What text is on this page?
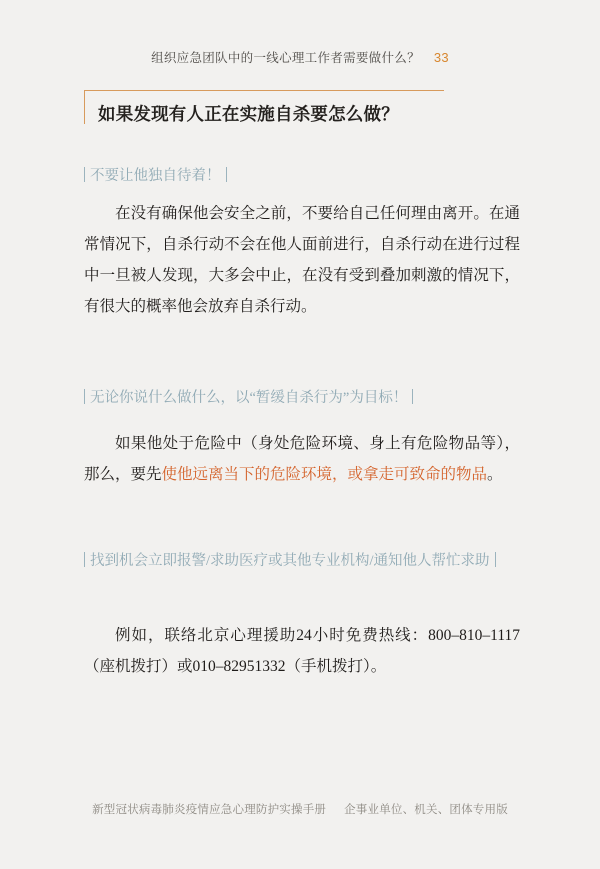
组织应急团队中的一线心理工作者需要做什么？ 33
如果发现有人正在实施自杀要怎么做？
不要让他独自待着！
在没有确保他会安全之前，不要给自己任何理由离开。在通常情况下，自杀行动不会在他人面前进行，自杀行动在进行过程中一旦被人发现，大多会中止，在没有受到叠加刺激的情况下，有很大的概率他会放弃自杀行动。
无论你说什么做什么，以“暂缓自杀行为”为目标！
如果他处于危险中（身处危险环境、身上有危险物品等），那么，要先使他远离当下的危险环境，或拿走可致命的物品。
找到机会立即报警/求助医疗或其他专业机构/通知他人帮忙求助
例如，联络北京心理援助24小时免费热线：800–810–1117（座机拨打）或010–82951332（手机拨打）。
新型冠状病毒肺炎疫情应急心理防护实操手册 企事业单位、机关、团体专用版
